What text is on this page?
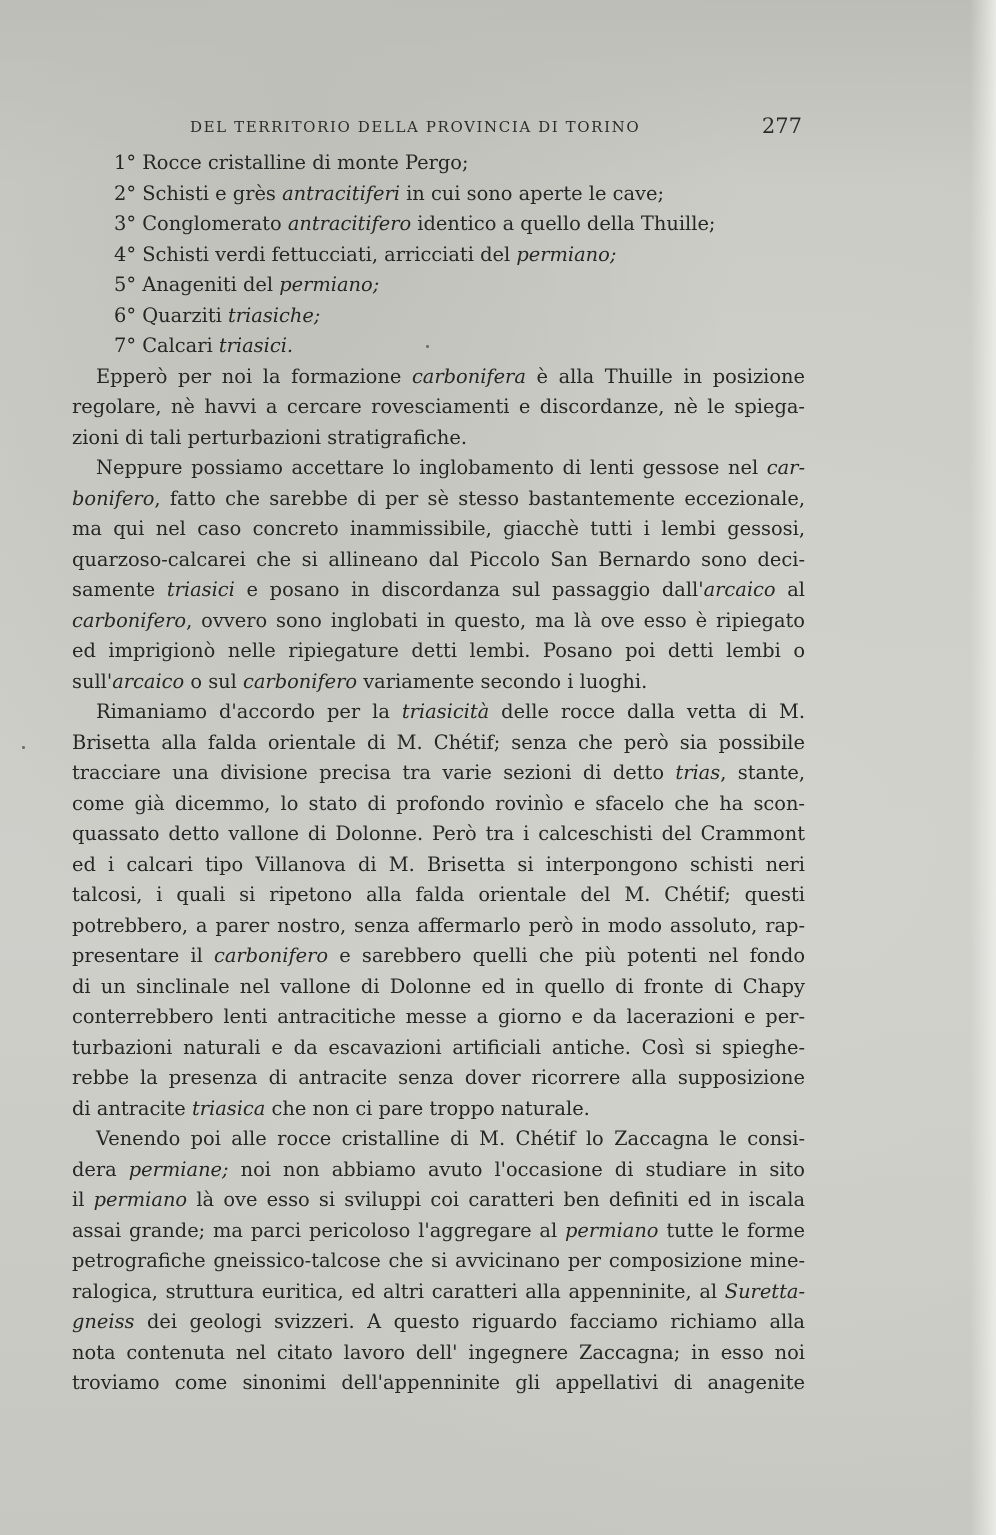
DEL TERRITORIO DELLA PROVINCIA DI TORINO	277
1° Rocce cristalline di monte Pergo;
2° Schisti e grès antracitiferi in cui sono aperte le cave;
3° Conglomerato antracitifero identico a quello della Thuille;
4° Schisti verdi fettucciati, arricciati del permiano;
5° Anageniti del permiano;
6° Quarziti triasiche;
7° Calcari triasici.
Epperò per noi la formazione carbonifera è alla Thuille in posizione
regolare, nè havvi a cercare rovesciamenti e discordanze, nè le spiega-
zioni di tali perturbazioni stratigrafiche.
Neppure possiamo accettare lo inglobamento di lenti gessose nel car-
bonifero, fatto che sarebbe di per sè stesso bastantemente eccezionale,
ma qui nel caso concreto inammissibile, giacchè tutti i lembi gessosi,
quarzoso-calcarei che si allineano dal Piccolo San Bernardo sono deci-
samente triasici e posano in discordanza sul passaggio dall'arcaico al
carbonifero, ovvero sono inglobati in questo, ma là ove esso è ripiegato
ed imprigionò nelle ripiegature detti lembi. Posano poi detti lembi o
sull'arcaico o sul carbonifero variamente secondo i luoghi.
Rimaniamo d'accordo per la triasicità delle rocce dalla vetta di M.
Brisetta alla falda orientale di M. Chétif; senza che però sia possibile
tracciare una divisione precisa tra varie sezioni di detto trias, stante,
come già dicemmo, lo stato di profondo rovinìo e sfacelo che ha scon-
quassato detto vallone di Dolonne. Però tra i calceschisti del Crammont
ed i calcari tipo Villanova di M. Brisetta si interpongono schisti neri
talcosi, i quali si ripetono alla falda orientale del M. Chétif; questi
potrebbero, a parer nostro, senza affermarlo però in modo assoluto, rap-
presentare il carbonifero e sarebbero quelli che più potenti nel fondo
di un sinclinale nel vallone di Dolonne ed in quello di fronte di Chapy
conterrebbero lenti antracitiche messe a giorno e da lacerazioni e per-
turbazioni naturali e da escavazioni artificiali antiche. Così si spieghe-
rebbe la presenza di antracite senza dover ricorrere alla supposizione
di antracite triasica che non ci pare troppo naturale.
Venendo poi alle rocce cristalline di M. Chétif lo Zaccagna le consi-
dera permiane; noi non abbiamo avuto l'occasione di studiare in sito
il permiano là ove esso si sviluppi coi caratteri ben definiti ed in iscala
assai grande; ma parci pericoloso l'aggregare al permiano tutte le forme
petrografiche gneissico-talcose che si avvicinano per composizione mine-
ralogica, struttura euritica, ed altri caratteri alla appenninite, al Suretta-
gneiss dei geologi svizzeri. A questo riguardo facciamo richiamo alla
nota contenuta nel citato lavoro dell' ingegnere Zaccagna; in esso noi
troviamo come sinonimi dell'appenninite gli appellativi di anagenite
